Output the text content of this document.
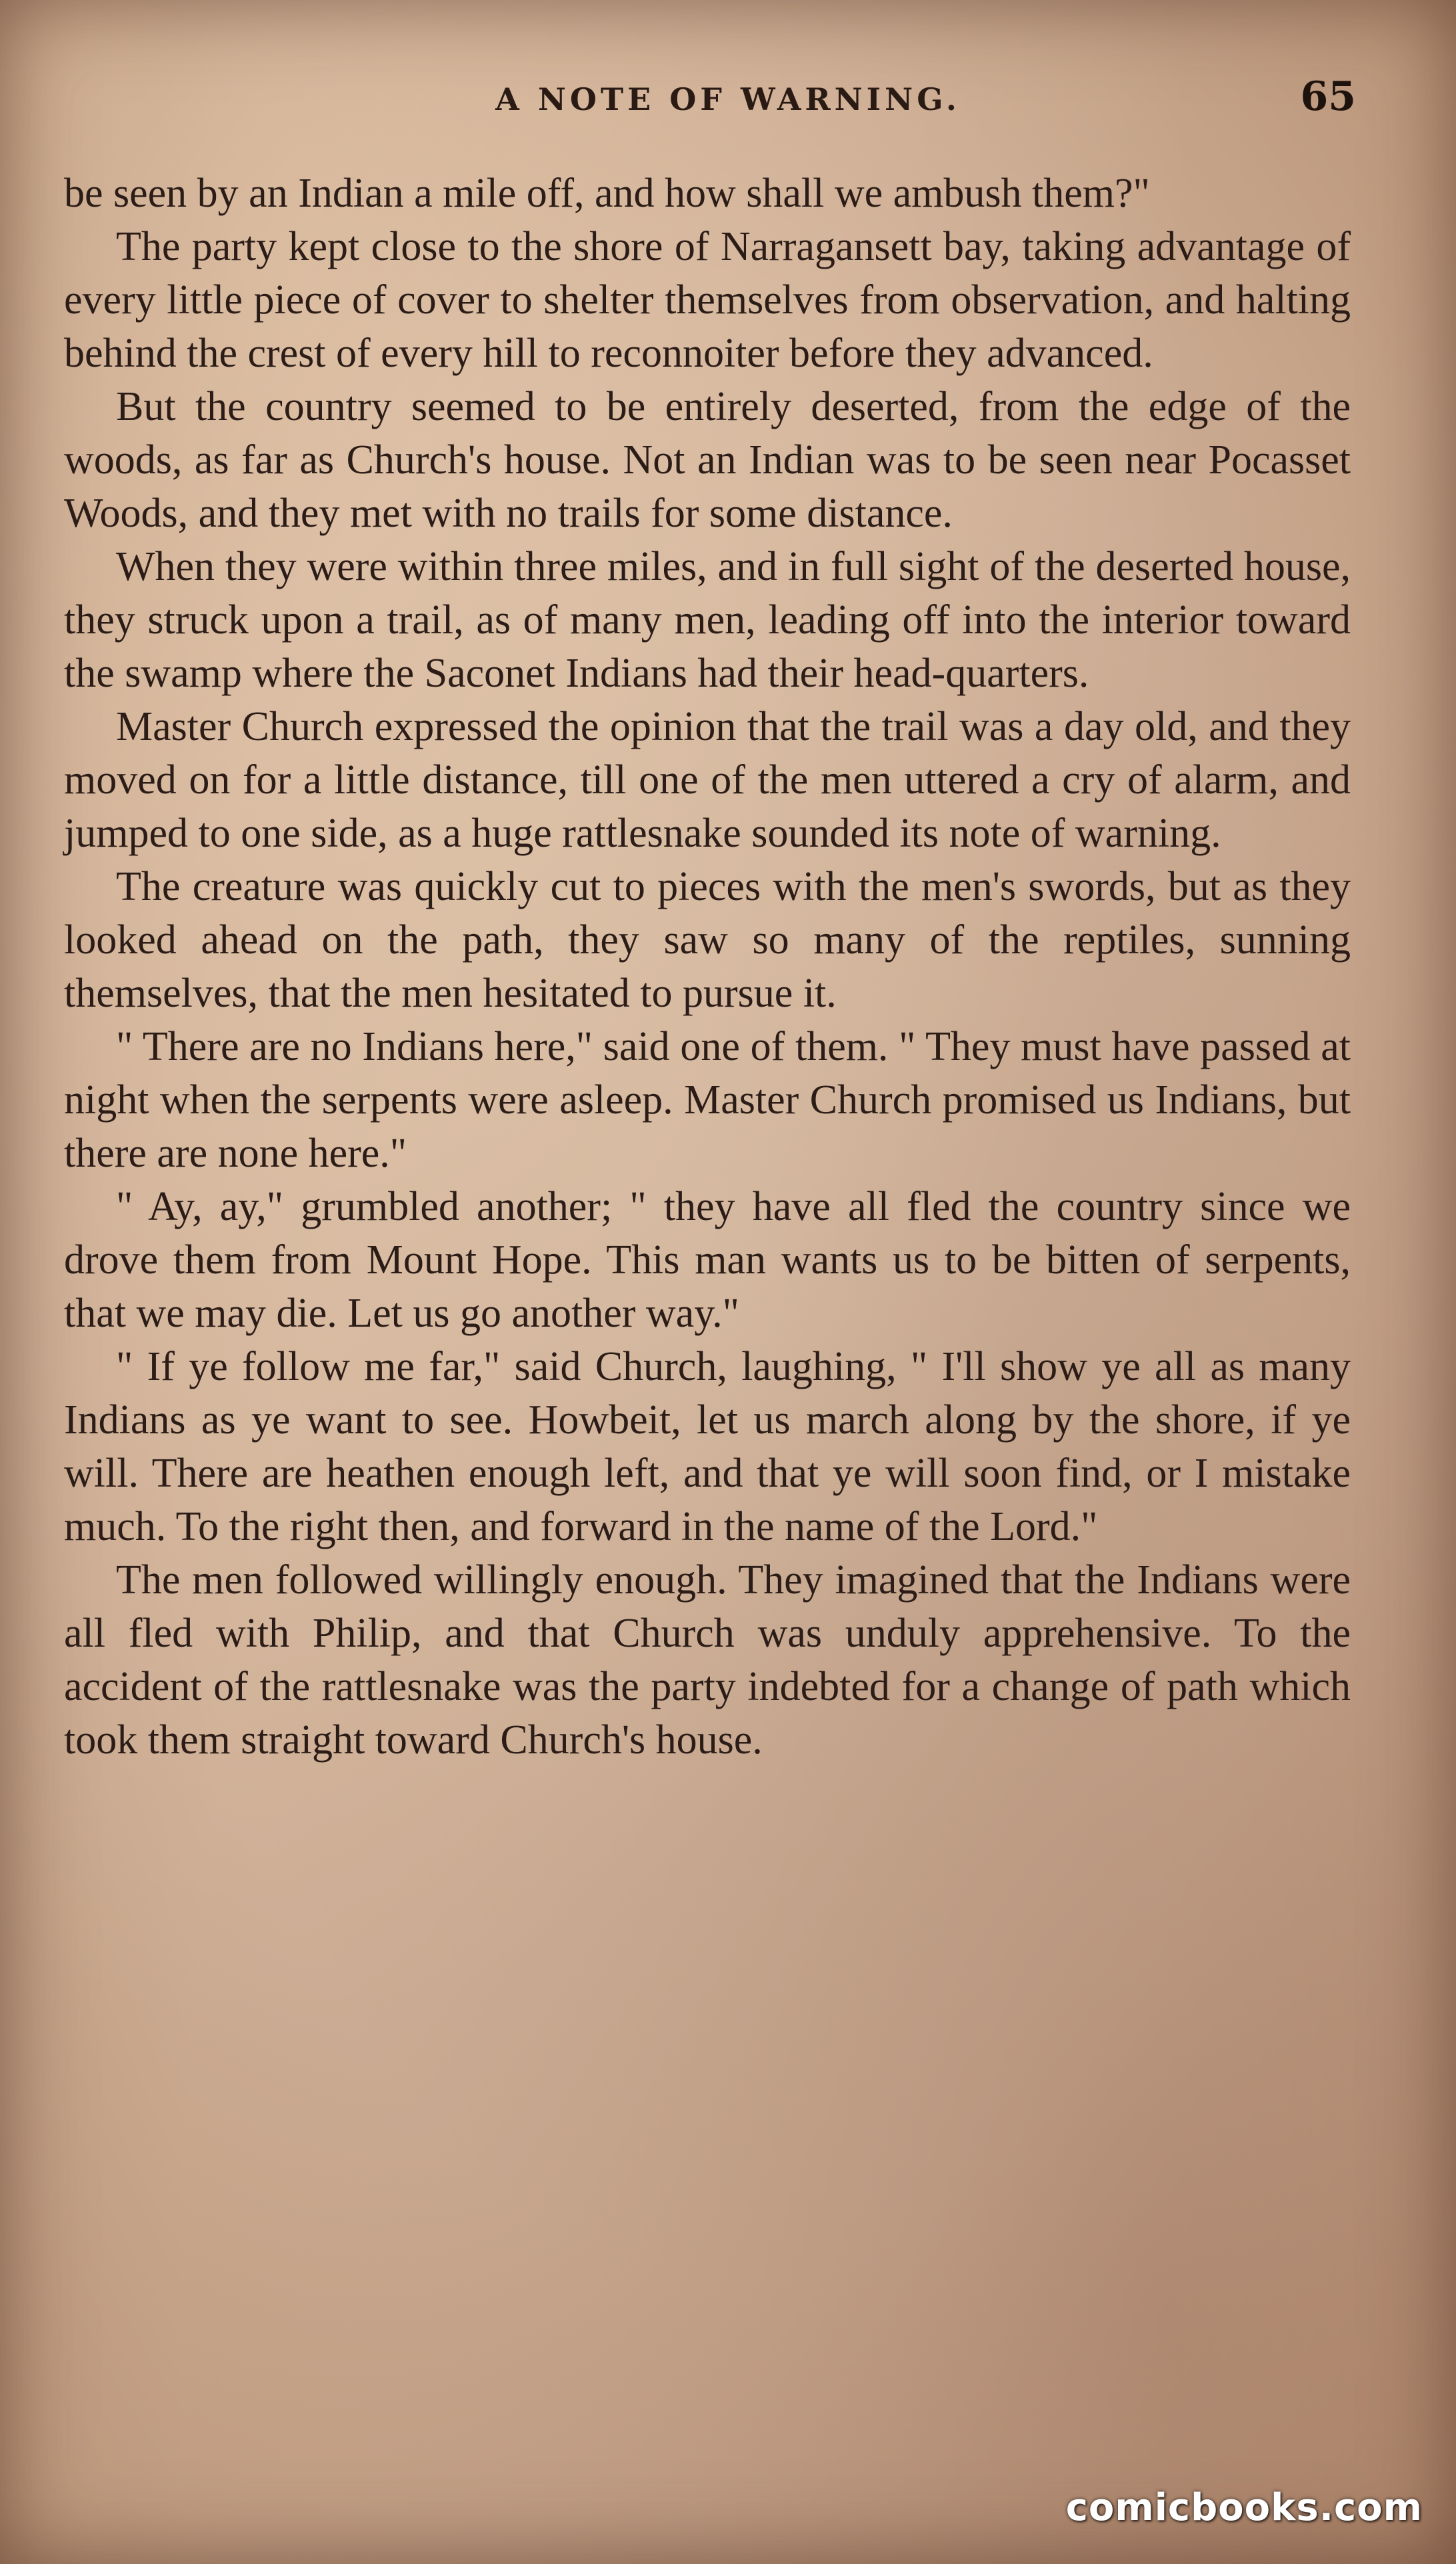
A NOTE OF WARNING.	65

be seen by an Indian a mile off, and how shall we ambush them?"

The party kept close to the shore of Narragansett bay, taking advantage of every little piece of cover to shelter themselves from observation, and halting behind the crest of every hill to reconnoiter before they advanced.

But the country seemed to be entirely deserted, from the edge of the woods, as far as Church's house. Not an Indian was to be seen near Pocasset Woods, and they met with no trails for some distance.

When they were within three miles, and in full sight of the deserted house, they struck upon a trail, as of many men, leading off into the interior toward the swamp where the Saconet Indians had their head-quarters.

Master Church expressed the opinion that the trail was a day old, and they moved on for a little distance, till one of the men uttered a cry of alarm, and jumped to one side, as a huge rattlesnake sounded its note of warning.

The creature was quickly cut to pieces with the men's swords, but as they looked ahead on the path, they saw so many of the reptiles, sunning themselves, that the men hesitated to pursue it.

" There are no Indians here," said one of them. " They must have passed at night when the serpents were asleep. Master Church promised us Indians, but there are none here."

" Ay, ay," grumbled another; " they have all fled the country since we drove them from Mount Hope. This man wants us to be bitten of serpents, that we may die. Let us go another way."

" If ye follow me far," said Church, laughing, " I'll show ye all as many Indians as ye want to see. Howbeit, let us march along by the shore, if ye will. There are heathen enough left, and that ye will soon find, or I mistake much. To the right then, and forward in the name of the Lord."

The men followed willingly enough. They imagined that the Indians were all fled with Philip, and that Church was unduly apprehensive. To the accident of the rattlesnake was the party indebted for a change of path which took them straight toward Church's house.

comicbooks.com
